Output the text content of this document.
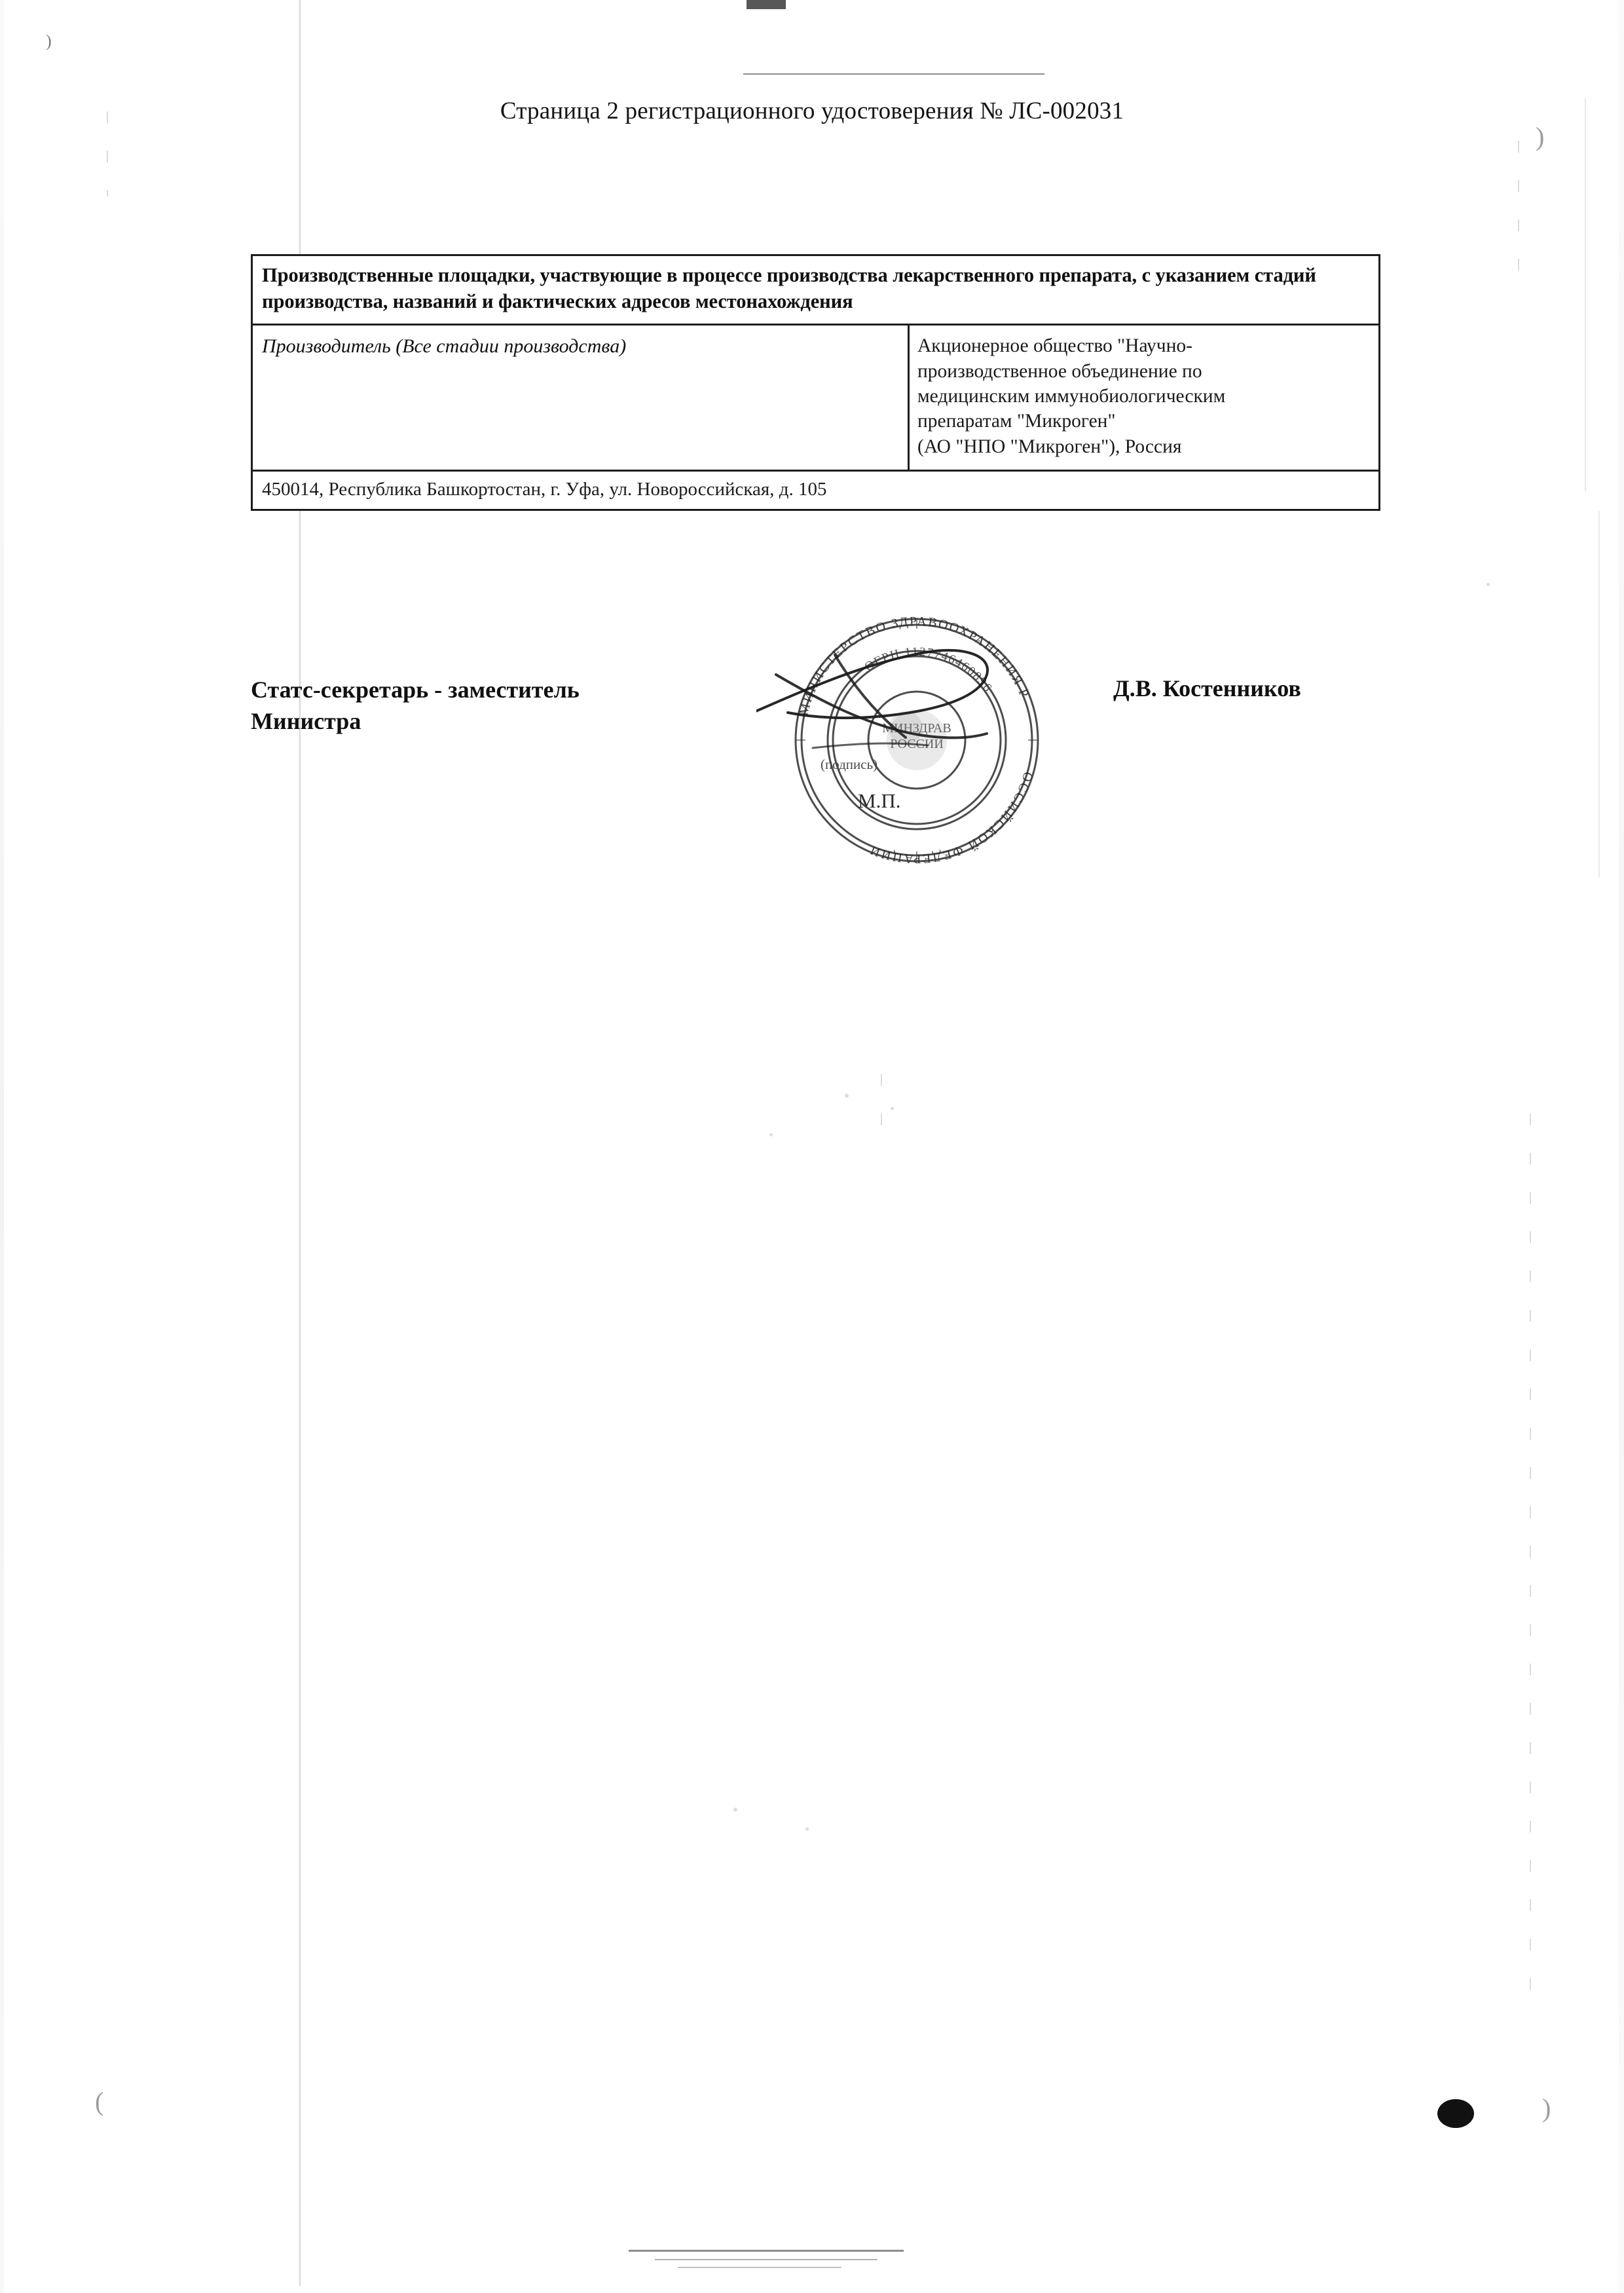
)
)
)
(
Страница 2 регистрационного удостоверения № ЛС-002031
Производственные площадки, участвующие в процессе производства лекарственного препарата, с указанием стадий производства, названий и фактических адресов местонахождения
Производитель (Все стадии производства)	Акционерное общество "Научно-
производственное объединение по
медицинским иммунобиологическим
препаратам "Микроген"
(АО "НПО "Микроген"), Россия
450014, Республика Башкортостан, г. Уфа, ул. Новороссийская, д. 105
Статс-секретарь - заместитель
Министра
Д.В. Костенников
МИНИСТЕРСТВО ЗДРАВООХРАНЕНИЯ Р
ОССИЙСКОЙ ФЕДЕРАЦИИ
ОГРН 1127746460896
МИНЗДРАВ
РОССИИ
(подпись)
М.П.
